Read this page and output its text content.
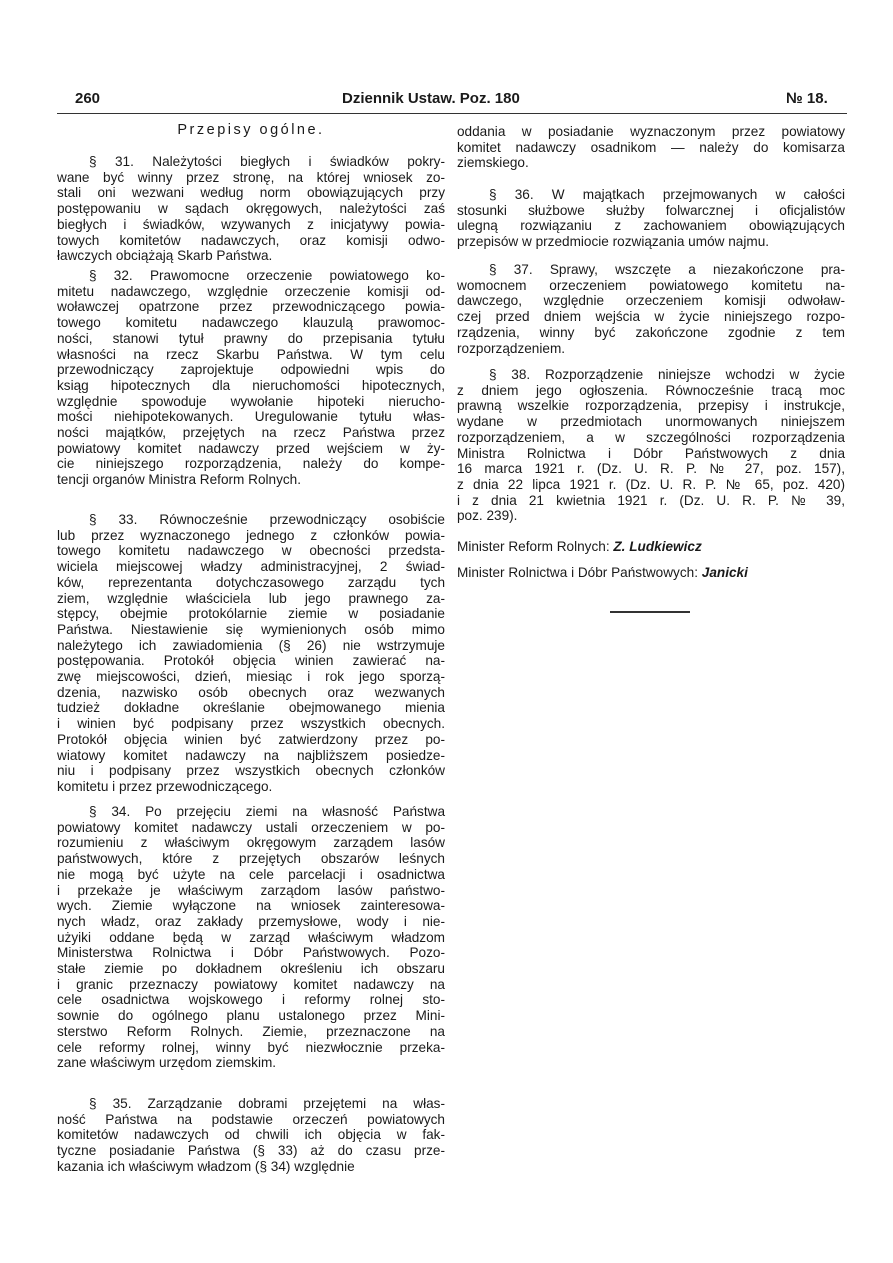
260	Dziennik Ustaw. Poz. 180	№ 18.
Przepisy ogólne.
§ 31. Należytości biegłych i świadków pokry-
wane być winny przez stronę, na której wniosek zo-
stali oni wezwani według norm obowiązujących przy
postępowaniu w sądach okręgowych, należytości zaś
biegłych i świadków, wzywanych z inicjatywy powia-
towych komitetów nadawczych, oraz komisji odwo-
ławczych obciążają Skarb Państwa.
§ 32. Prawomocne orzeczenie powiatowego ko-
mitetu nadawczego, względnie orzeczenie komisji od-
woławczej opatrzone przez przewodniczącego powia-
towego komitetu nadawczego klauzulą prawomoc-
ności, stanowi tytuł prawny do przepisania tytułu
własności na rzecz Skarbu Państwa. W tym celu
przewodniczący zaprojektuje odpowiedni wpis do
ksiąg hipotecznych dla nieruchomości hipotecznych,
względnie spowoduje wywołanie hipoteki nierucho-
mości niehipotekowanych. Uregulowanie tytułu włas-
ności majątków, przejętych na rzecz Państwa przez
powiatowy komitet nadawczy przed wejściem w ży-
cie niniejszego rozporządzenia, należy do kompe-
tencji organów Ministra Reform Rolnych.
§ 33. Równocześnie przewodniczący osobiście
lub przez wyznaczonego jednego z członków powia-
towego komitetu nadawczego w obecności przedsta-
wiciela miejscowej władzy administracyjnej, 2 świad-
ków, reprezentanta dotychczasowego zarządu tych
ziem, względnie właściciela lub jego prawnego za-
stępcy, obejmie protokólarnie ziemie w posiadanie
Państwa. Niestawienie się wymienionych osób mimo
należytego ich zawiadomienia (§ 26) nie wstrzymuje
postępowania. Protokół objęcia winien zawierać na-
zwę miejscowości, dzień, miesiąc i rok jego sporzą-
dzenia, nazwisko osób obecnych oraz wezwanych
tudzież dokładne określanie obejmowanego mienia
i winien być podpisany przez wszystkich obecnych.
Protokół objęcia winien być zatwierdzony przez po-
wiatowy komitet nadawczy na najbliższem posiedze-
niu i podpisany przez wszystkich obecnych członków
komitetu i przez przewodniczącego.
§ 34. Po przejęciu ziemi na własność Państwa
powiatowy komitet nadawczy ustali orzeczeniem w po-
rozumieniu z właściwym okręgowym zarządem lasów
państwowych, które z przejętych obszarów leśnych
nie mogą być użyte na cele parcelacji i osadnictwa
i przekaże je właściwym zarządom lasów państwo-
wych. Ziemie wyłączone na wniosek zainteresowa-
nych władz, oraz zakłady przemysłowe, wody i nie-
użyiki oddane będą w zarząd właściwym władzom
Ministerstwa Rolnictwa i Dóbr Państwowych. Pozo-
stałe ziemie po dokładnem określeniu ich obszaru
i granic przeznaczy powiatowy komitet nadawczy na
cele osadnictwa wojskowego i reformy rolnej sto-
sownie do ogólnego planu ustalonego przez Mini-
sterstwo Reform Rolnych. Ziemie, przeznaczone na
cele reformy rolnej, winny być niezwłocznie przeka-
zane właściwym urzędom ziemskim.
§ 35. Zarządzanie dobrami przejętemi na włas-
ność Państwa na podstawie orzeczeń powiatowych
komitetów nadawczych od chwili ich objęcia w fak-
tyczne posiadanie Państwa (§ 33) aż do czasu prze-
kazania ich właściwym władzom (§ 34) względnie
oddania w posiadanie wyznaczonym przez powiatowy
komitet nadawczy osadnikom — należy do komisarza
ziemskiego.
§ 36. W majątkach przejmowanych w całości
stosunki służbowe służby folwarcznej i oficjalistów
ulegną rozwiązaniu z zachowaniem obowiązujących
przepisów w przedmiocie rozwiązania umów najmu.
§ 37. Sprawy, wszczęte a niezakończone pra-
womocnem orzeczeniem powiatowego komitetu na-
dawczego, względnie orzeczeniem komisji odwoław-
czej przed dniem wejścia w życie niniejszego rozpo-
rządzenia, winny być zakończone zgodnie z tem
rozporządzeniem.
§ 38. Rozporządzenie niniejsze wchodzi w życie
z dniem jego ogłoszenia. Równocześnie tracą moc
prawną wszelkie rozporządzenia, przepisy i instrukcje,
wydane w przedmiotach unormowanych niniejszem
rozporządzeniem, a w szczególności rozporządzenia
Ministra Rolnictwa i Dóbr Państwowych z dnia
16 marca 1921 r. (Dz. U. R. P. № 27, poz. 157),
z dnia 22 lipca 1921 r. (Dz. U. R. P. № 65, poz. 420)
i z dnia 21 kwietnia 1921 r. (Dz. U. R. P. № 39,
poz. 239).
Minister Reform Rolnych: Z. Ludkiewicz
Minister Rolnictwa i Dóbr Państwowych: Janicki
